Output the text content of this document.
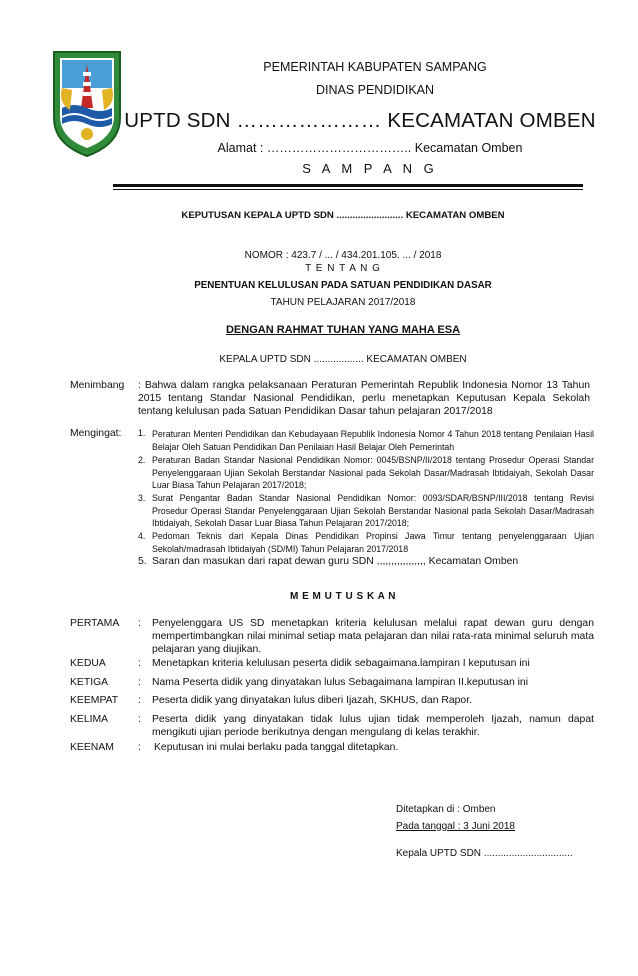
PEMERINTAH KABUPATEN SAMPANG
DINAS PENDIDIKAN
UPTD SDN ………………… KECAMATAN OMBEN
Alamat : …………………………….. Kecamatan Omben
S A M P A N G
KEPUTUSAN KEPALA UPTD SDN ......................... KECAMATAN OMBEN
NOMOR : 423.7 / ... / 434.201.105. ... / 2018
T E N T A N G
PENENTUAN KELULUSAN PADA SATUAN PENDIDIKAN DASAR
TAHUN PELAJARAN 2017/2018
DENGAN RAHMAT TUHAN YANG MAHA ESA
KEPALA UPTD SDN .................. KECAMATAN OMBEN
Menimbang : Bahwa dalam rangka pelaksanaan Peraturan Pemerintah Republik Indonesia Nomor 13 Tahun 2015 tentang Standar Nasional Pendidikan, perlu menetapkan Keputusan Kepala Sekolah tentang kelulusan pada Satuan Pendidikan Dasar tahun pelajaran 2017/2018
Mengingat: 1. Peraturan Menteri Pendidikan dan Kebudayaan Republik Indonesia Nomor 4 Tahun 2018 tentang Penilaian Hasil Belajar Oleh Satuan Pendidikan Dan Penilaian Hasil Belajar Oleh Pemerintah
2. Peraturan Badan Standar Nasional Pendidikan Nomor: 0045/BSNP/II/2018 tentang Prosedur Operasi Standar Penyelenggaraan Ujian Sekolah Berstandar Nasional pada Sekolah Dasar/Madrasah Ibtidaiyah, Sekolah Dasar Luar Biasa Tahun Pelajaran 2017/2018;
3. Surat Pengantar Badan Standar Nasional Pendidikan Nomor: 0093/SDAR/BSNP/III/2018 tentang Revisi Prosedur Operasi Standar Penyelenggaraan Ujian Sekolah Berstandar Nasional pada Sekolah Dasar/Madrasah Ibtidaiyah, Sekolah Dasar Luar Biasa Tahun Pelajaran 2017/2018;
4. Pedoman Teknis dari Kepala Dinas Pendidikan Propinsi Jawa Timur tentang penyelenggaraan Ujian Sekolah/madrasah Ibtidaiyah (SD/MI) Tahun Pelajaran 2017/2018
5. Saran dan masukan dari rapat dewan guru SDN ,,,,,,,,,,,,,,,,, Kecamatan Omben
M E M U T U S K A N
PERTAMA : Penyelenggara US SD menetapkan kriteria kelulusan melalui rapat dewan guru dengan mempertimbangkan nilai minimal setiap mata pelajaran dan nilai rata-rata minimal seluruh mata pelajaran yang diujikan.
KEDUA	: Menetapkan kriteria kelulusan peserta didik sebagaimana.lampiran I keputusan ini
KETIGA	: Nama Peserta didik yang dinyatakan lulus Sebagaimana lampiran II.keputusan ini
KEEMPAT : Peserta didik yang dinyatakan lulus diberi Ijazah, SKHUS, dan Rapor.
KELIMA	: Peserta didik yang dinyatakan tidak lulus ujian tidak memperoleh Ijazah, namun dapat mengikuti ujian periode berikutnya dengan mengulang di kelas terakhir.
KEENAM : Keputusan ini mulai berlaku pada tanggal ditetapkan.
Ditetapkan di : Omben
Pada tanggal : 3 Juni 2018
Kepala UPTD SDN ................................
